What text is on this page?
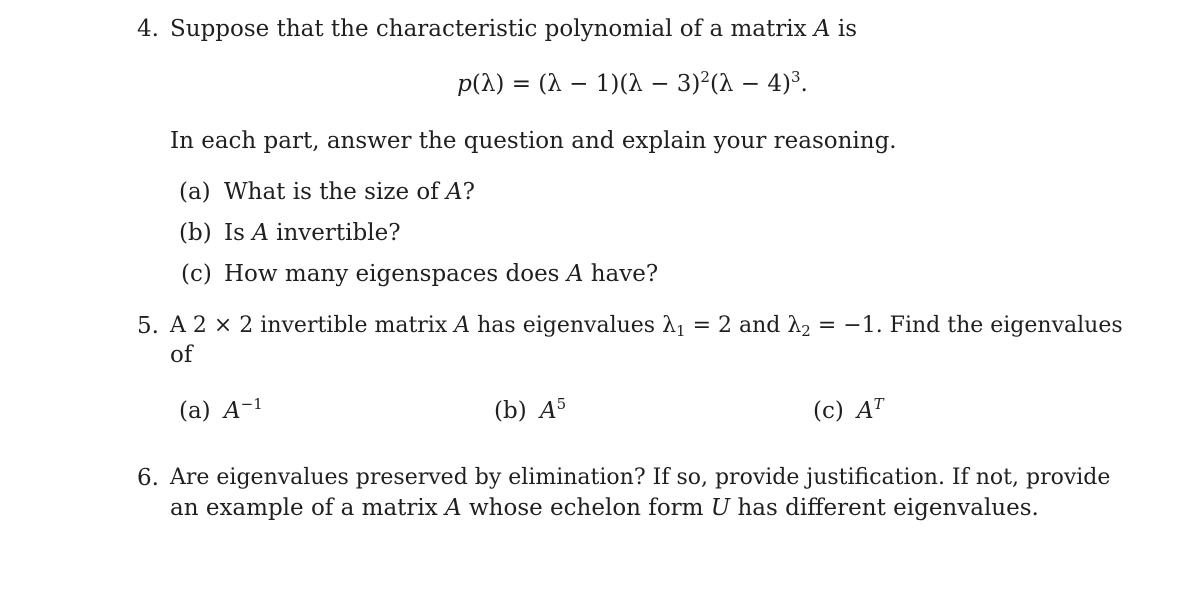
4. Suppose that the characteristic polynomial of a matrix A is
$p(\lambda) = (\lambda - 1)(\lambda - 3)^2(\lambda - 4)^3$.
In each part, answer the question and explain your reasoning.
(a) What is the size of A?
(b) Is A invertible?
(c) How many eigenspaces does A have?
5. A 2 × 2 invertible matrix A has eigenvalues $\lambda_1 = 2$ and $\lambda_2 = -1$. Find the eigenvalues
of
(a) $A^{-1}$	(b) $A^5$	(c) $A^T$
6. Are eigenvalues preserved by elimination? If so, provide justification. If not, provide
an example of a matrix A whose echelon form U has different eigenvalues.
